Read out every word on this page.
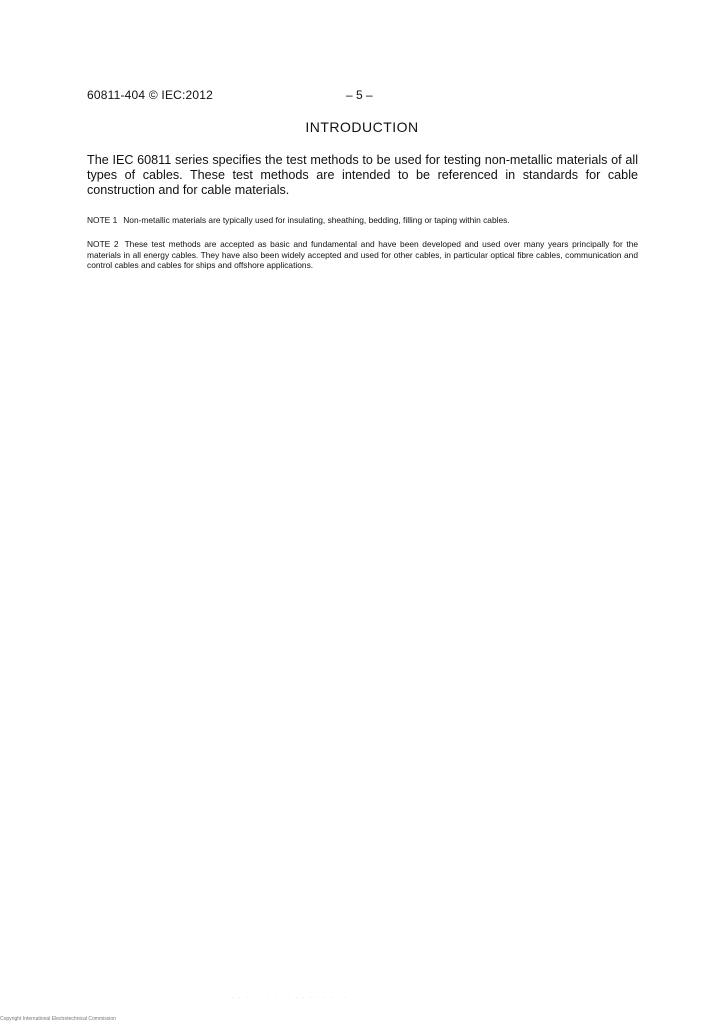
60811-404 © IEC:2012	– 5 –
INTRODUCTION
The IEC 60811 series specifies the test methods to be used for testing non-metallic materials of all types of cables. These test methods are intended to be referenced in standards for cable construction and for cable materials.
NOTE 1 Non-metallic materials are typically used for insulating, sheathing, bedding, filling or taping within cables.
NOTE 2 These test methods are accepted as basic and fundamental and have been developed and used over many years principally for the materials in all energy cables. They have also been widely accepted and used for other cables, in particular optical fibre cables, communication and control cables and cables for ships and offshore applications.
· · · · · · · · · · · · · · · · ·
Copyright International Electrotechnical Commission
